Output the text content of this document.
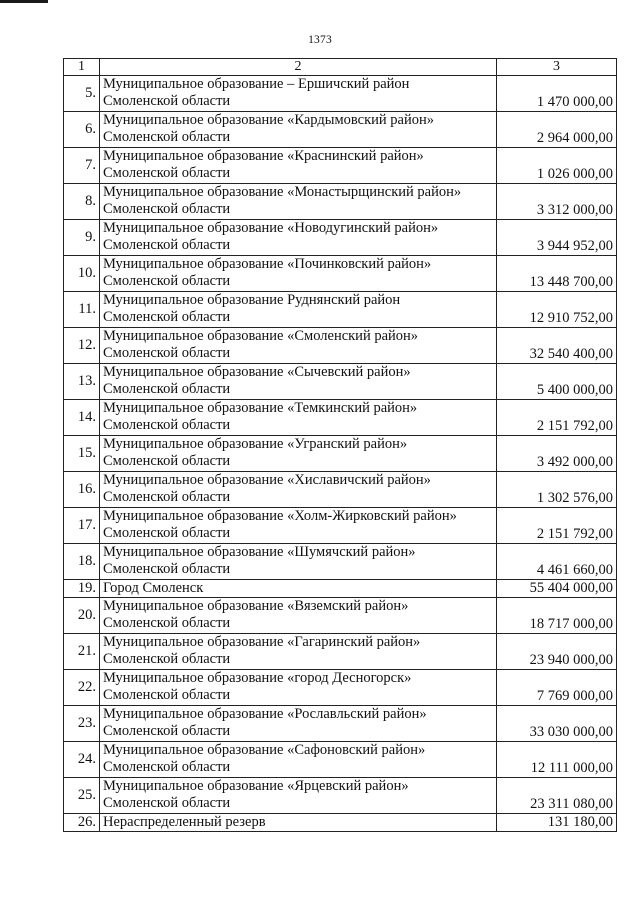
1373
1	2	3
5.	Муниципальное образование – Ершичский район
Смоленской области	1 470 000,00
6.	Муниципальное образование «Кардымовский район»
Смоленской области	2 964 000,00
7.	Муниципальное образование «Краснинский район»
Смоленской области	1 026 000,00
8.	Муниципальное образование «Монастырщинский район»
Смоленской области	3 312 000,00
9.	Муниципальное образование «Новодугинский район»
Смоленской области	3 944 952,00
10.	Муниципальное образование «Починковский район»
Смоленской области	13 448 700,00
11.	Муниципальное образование Руднянский район
Смоленской области	12 910 752,00
12.	Муниципальное образование «Смоленский район»
Смоленской области	32 540 400,00
13.	Муниципальное образование «Сычевский район»
Смоленской области	5 400 000,00
14.	Муниципальное образование «Темкинский район»
Смоленской области	2 151 792,00
15.	Муниципальное образование «Угранский район»
Смоленской области	3 492 000,00
16.	Муниципальное образование «Хиславичский район»
Смоленской области	1 302 576,00
17.	Муниципальное образование «Холм-Жирковский район»
Смоленской области	2 151 792,00
18.	Муниципальное образование «Шумячский район»
Смоленской области	4 461 660,00
19.	Город Смоленск	55 404 000,00
20.	Муниципальное образование «Вяземский район»
Смоленской области	18 717 000,00
21.	Муниципальное образование «Гагаринский район»
Смоленской области	23 940 000,00
22.	Муниципальное образование «город Десногорск»
Смоленской области	7 769 000,00
23.	Муниципальное образование «Рославльский район»
Смоленской области	33 030 000,00
24.	Муниципальное образование «Сафоновский район»
Смоленской области	12 111 000,00
25.	Муниципальное образование «Ярцевский район»
Смоленской области	23 311 080,00
26.	Нераспределенный резерв	131 180,00
